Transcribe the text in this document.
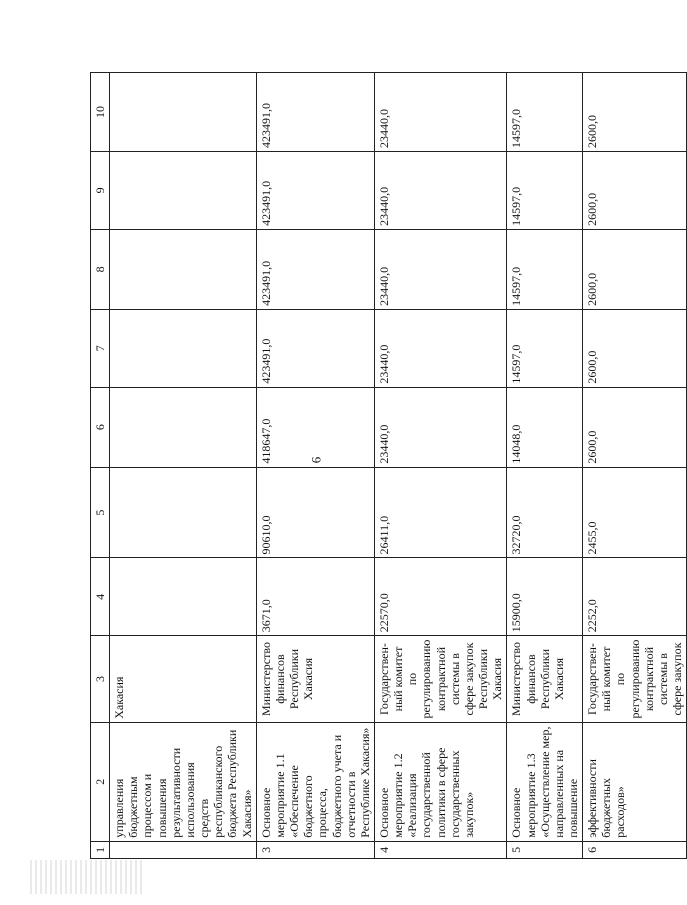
6
1	2	3	4	5	6	7	8	9	10
	управления бюджетным процессом и повышения результативности использования средств республиканского бюджета Республики Хакасия»	Хакасия							
3	Основное мероприятие 1.1 «Обеспечение бюджетного процесса, бюджетного учета и отчетности в Республике Хакасия»	Министерство финансов Республики Хакасия	3671,0	90610,0	418647,0	423491,0	423491,0	423491,0	423491,0
4	Основное мероприятие 1.2 «Реализация государственной политики в сфере государственных закупок»	Государствен-ный комитет по регулированию контрактной системы в сфере закупок Республики Хакасия	22570,0	26411,0	23440,0	23440,0	23440,0	23440,0	23440,0
5	Основное мероприятие 1.3 «Осуществление мер, направленных на повышение	Министерство финансов Республики Хакасия	15900,0	32720,0	14048,0	14597,0	14597,0	14597,0	14597,0
6	эффективности бюджетных расходов»	Государствен-ный комитет по регулированию контрактной системы в сфере закупок	2252,0	2455,0	2600,0	2600,0	2600,0	2600,0	2600,0
